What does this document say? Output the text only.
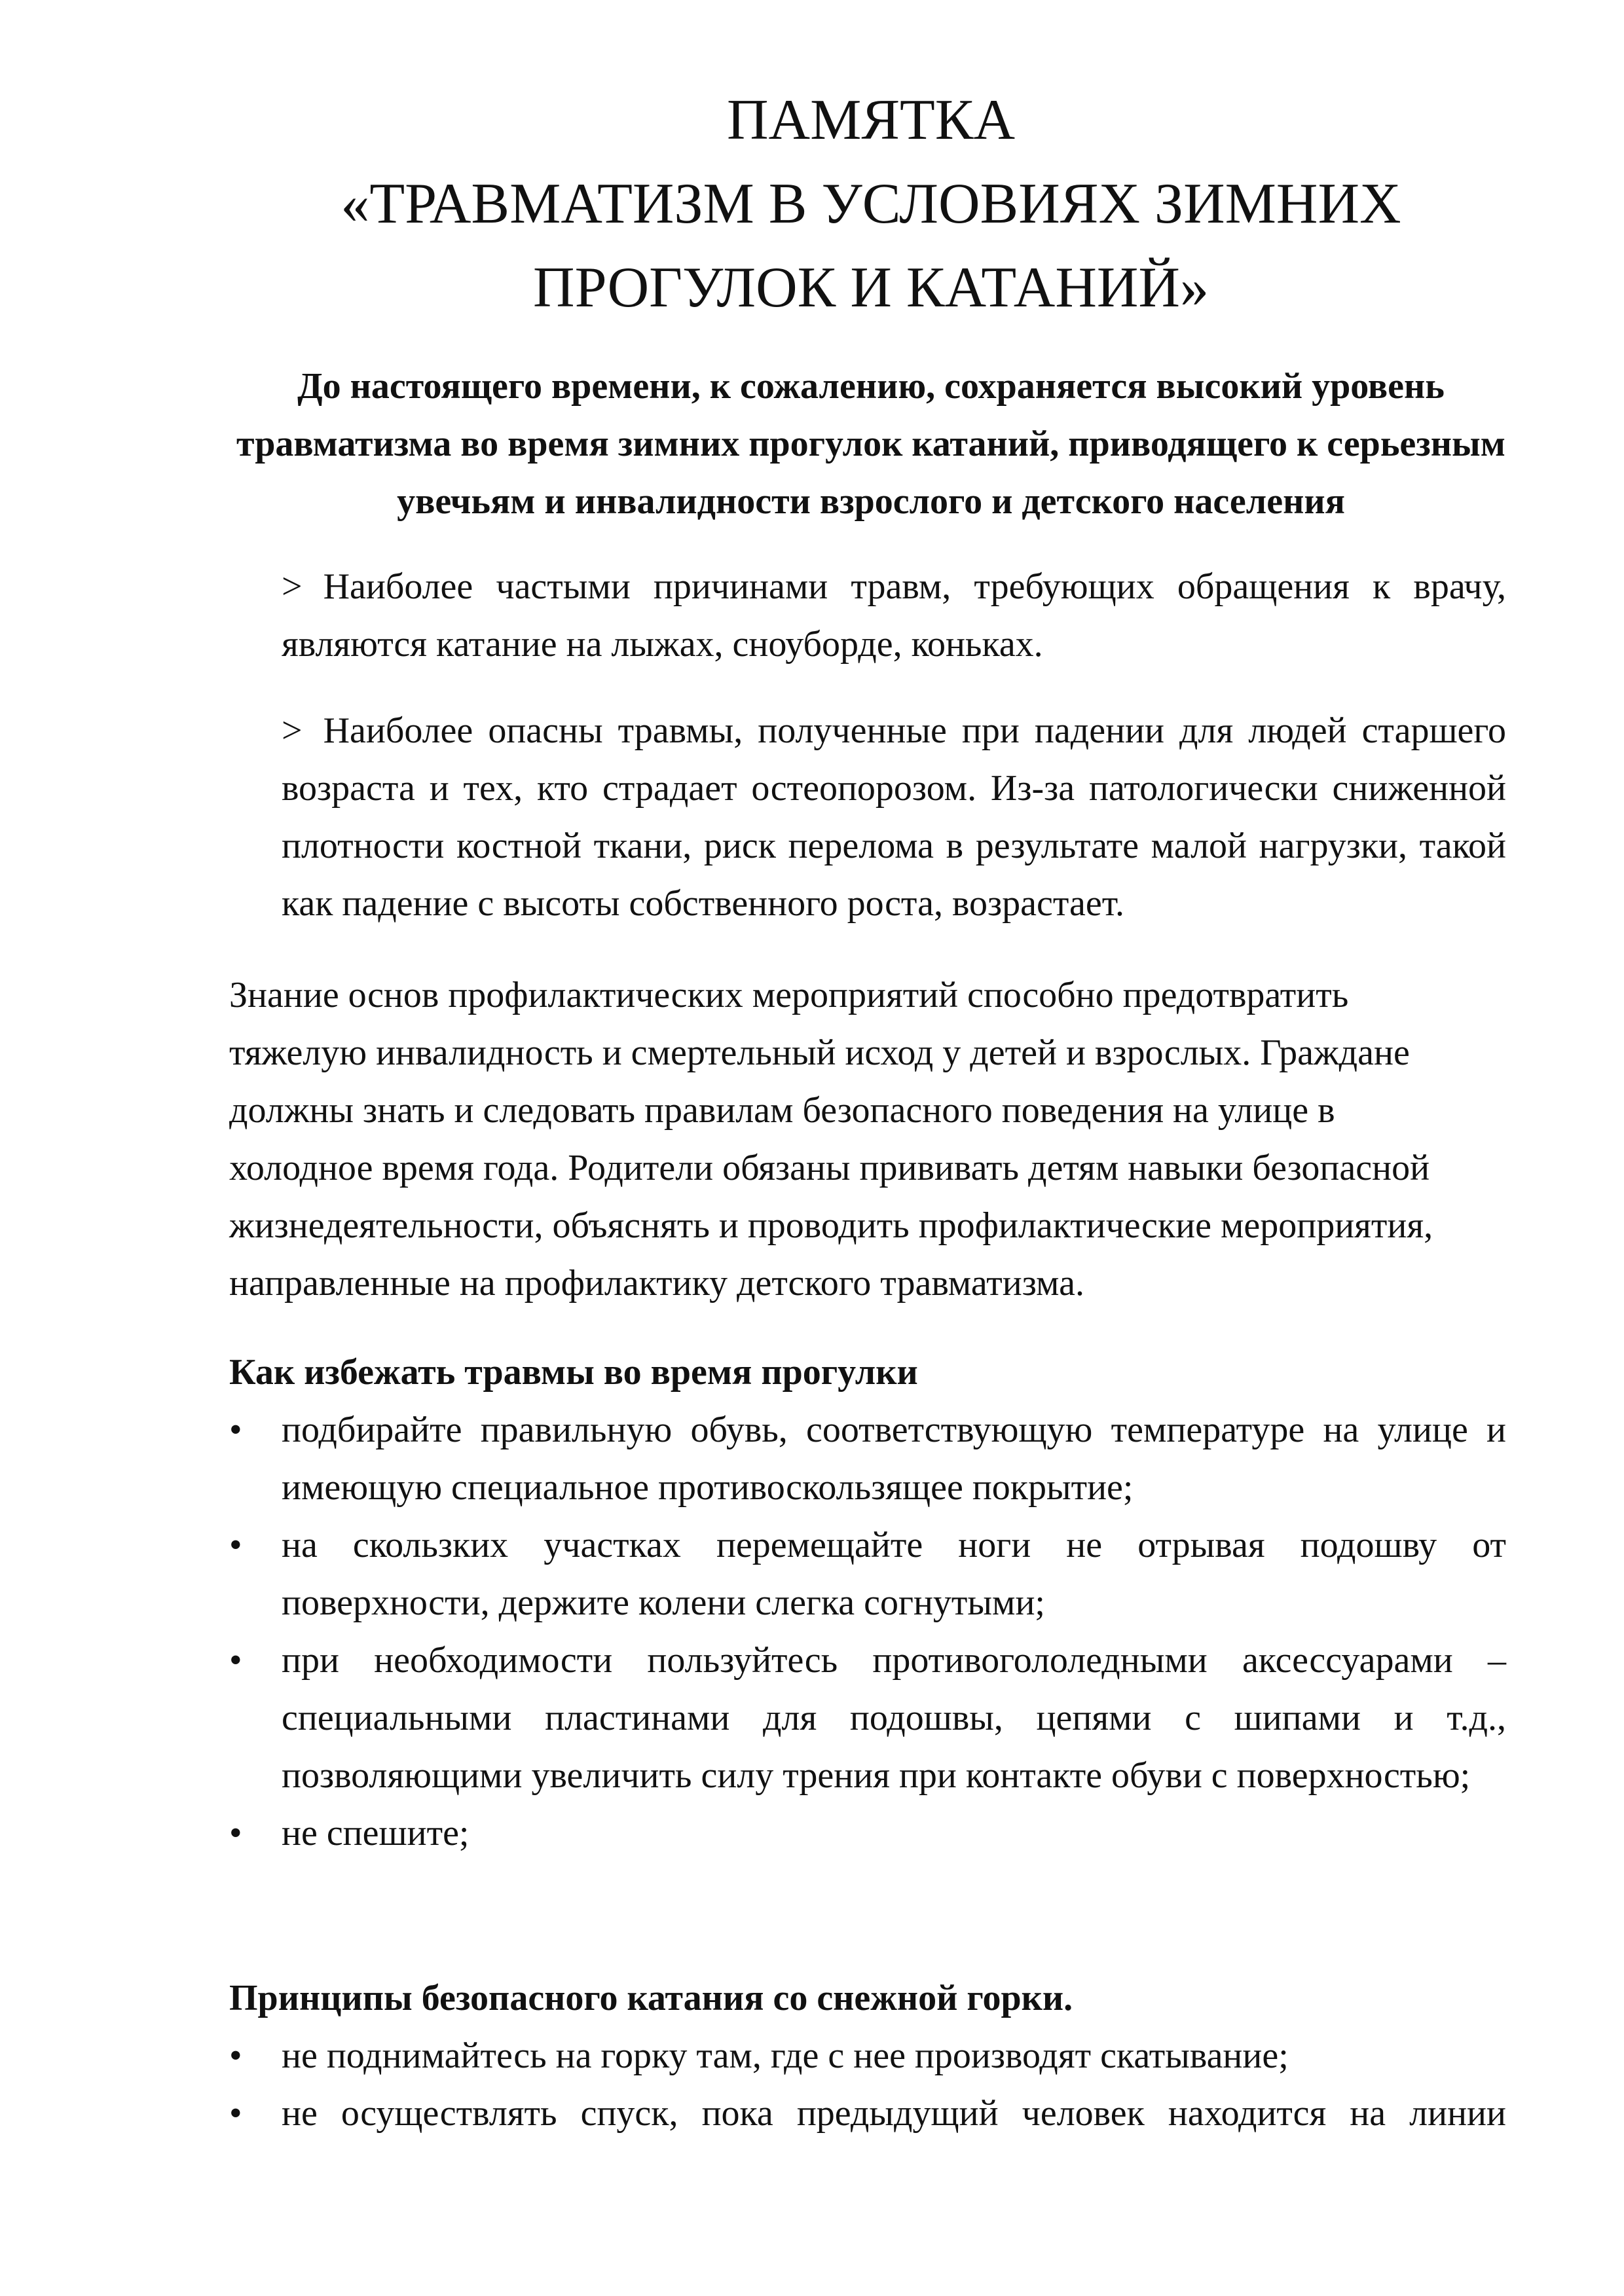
ПАМЯТКА
«ТРАВМАТИЗМ В УСЛОВИЯХ ЗИМНИХ
ПРОГУЛОК И КАТАНИЙ»
До настоящего времени, к сожалению, сохраняется высокий уровень травматизма во время зимних прогулок катаний, приводящего к серьезным увечьям и инвалидности взрослого и детского населения
> Наиболее частыми причинами травм, требующих обращения к врачу, являются катание на лыжах, сноуборде, коньках.
> Наиболее опасны травмы, полученные при падении для людей старшего возраста и тех, кто страдает остеопорозом. Из-за патологически сниженной плотности костной ткани, риск перелома в результате малой нагрузки, такой как падение с высоты собственного роста, возрастает.
Знание основ профилактических мероприятий способно предотвратить
тяжелую инвалидность и смертельный исход у детей и взрослых. Граждане
должны знать и следовать правилам безопасного поведения на улице в
холодное время года. Родители обязаны прививать детям навыки безопасной
жизнедеятельности, объяснять и проводить профилактические мероприятия,
направленные на профилактику детского травматизма.
Как избежать травмы во время прогулки
•	подбирайте правильную обувь, соответствующую температуре на улице и имеющую специальное противоскользящее покрытие;
•	на скользких участках перемещайте ноги не отрывая подошву от поверхности, держите колени слегка согнутыми;
•	при необходимости пользуйтесь противогололедными аксессуарами – специальными пластинами для подошвы, цепями с шипами и т.д., позволяющими увеличить силу трения при контакте обуви с поверхностью;
•	не спешите;
Принципы безопасного катания со снежной горки.
•	не поднимайтесь на горку там, где с нее производят скатывание;
•	не осуществлять спуск, пока предыдущий человек находится на линии
